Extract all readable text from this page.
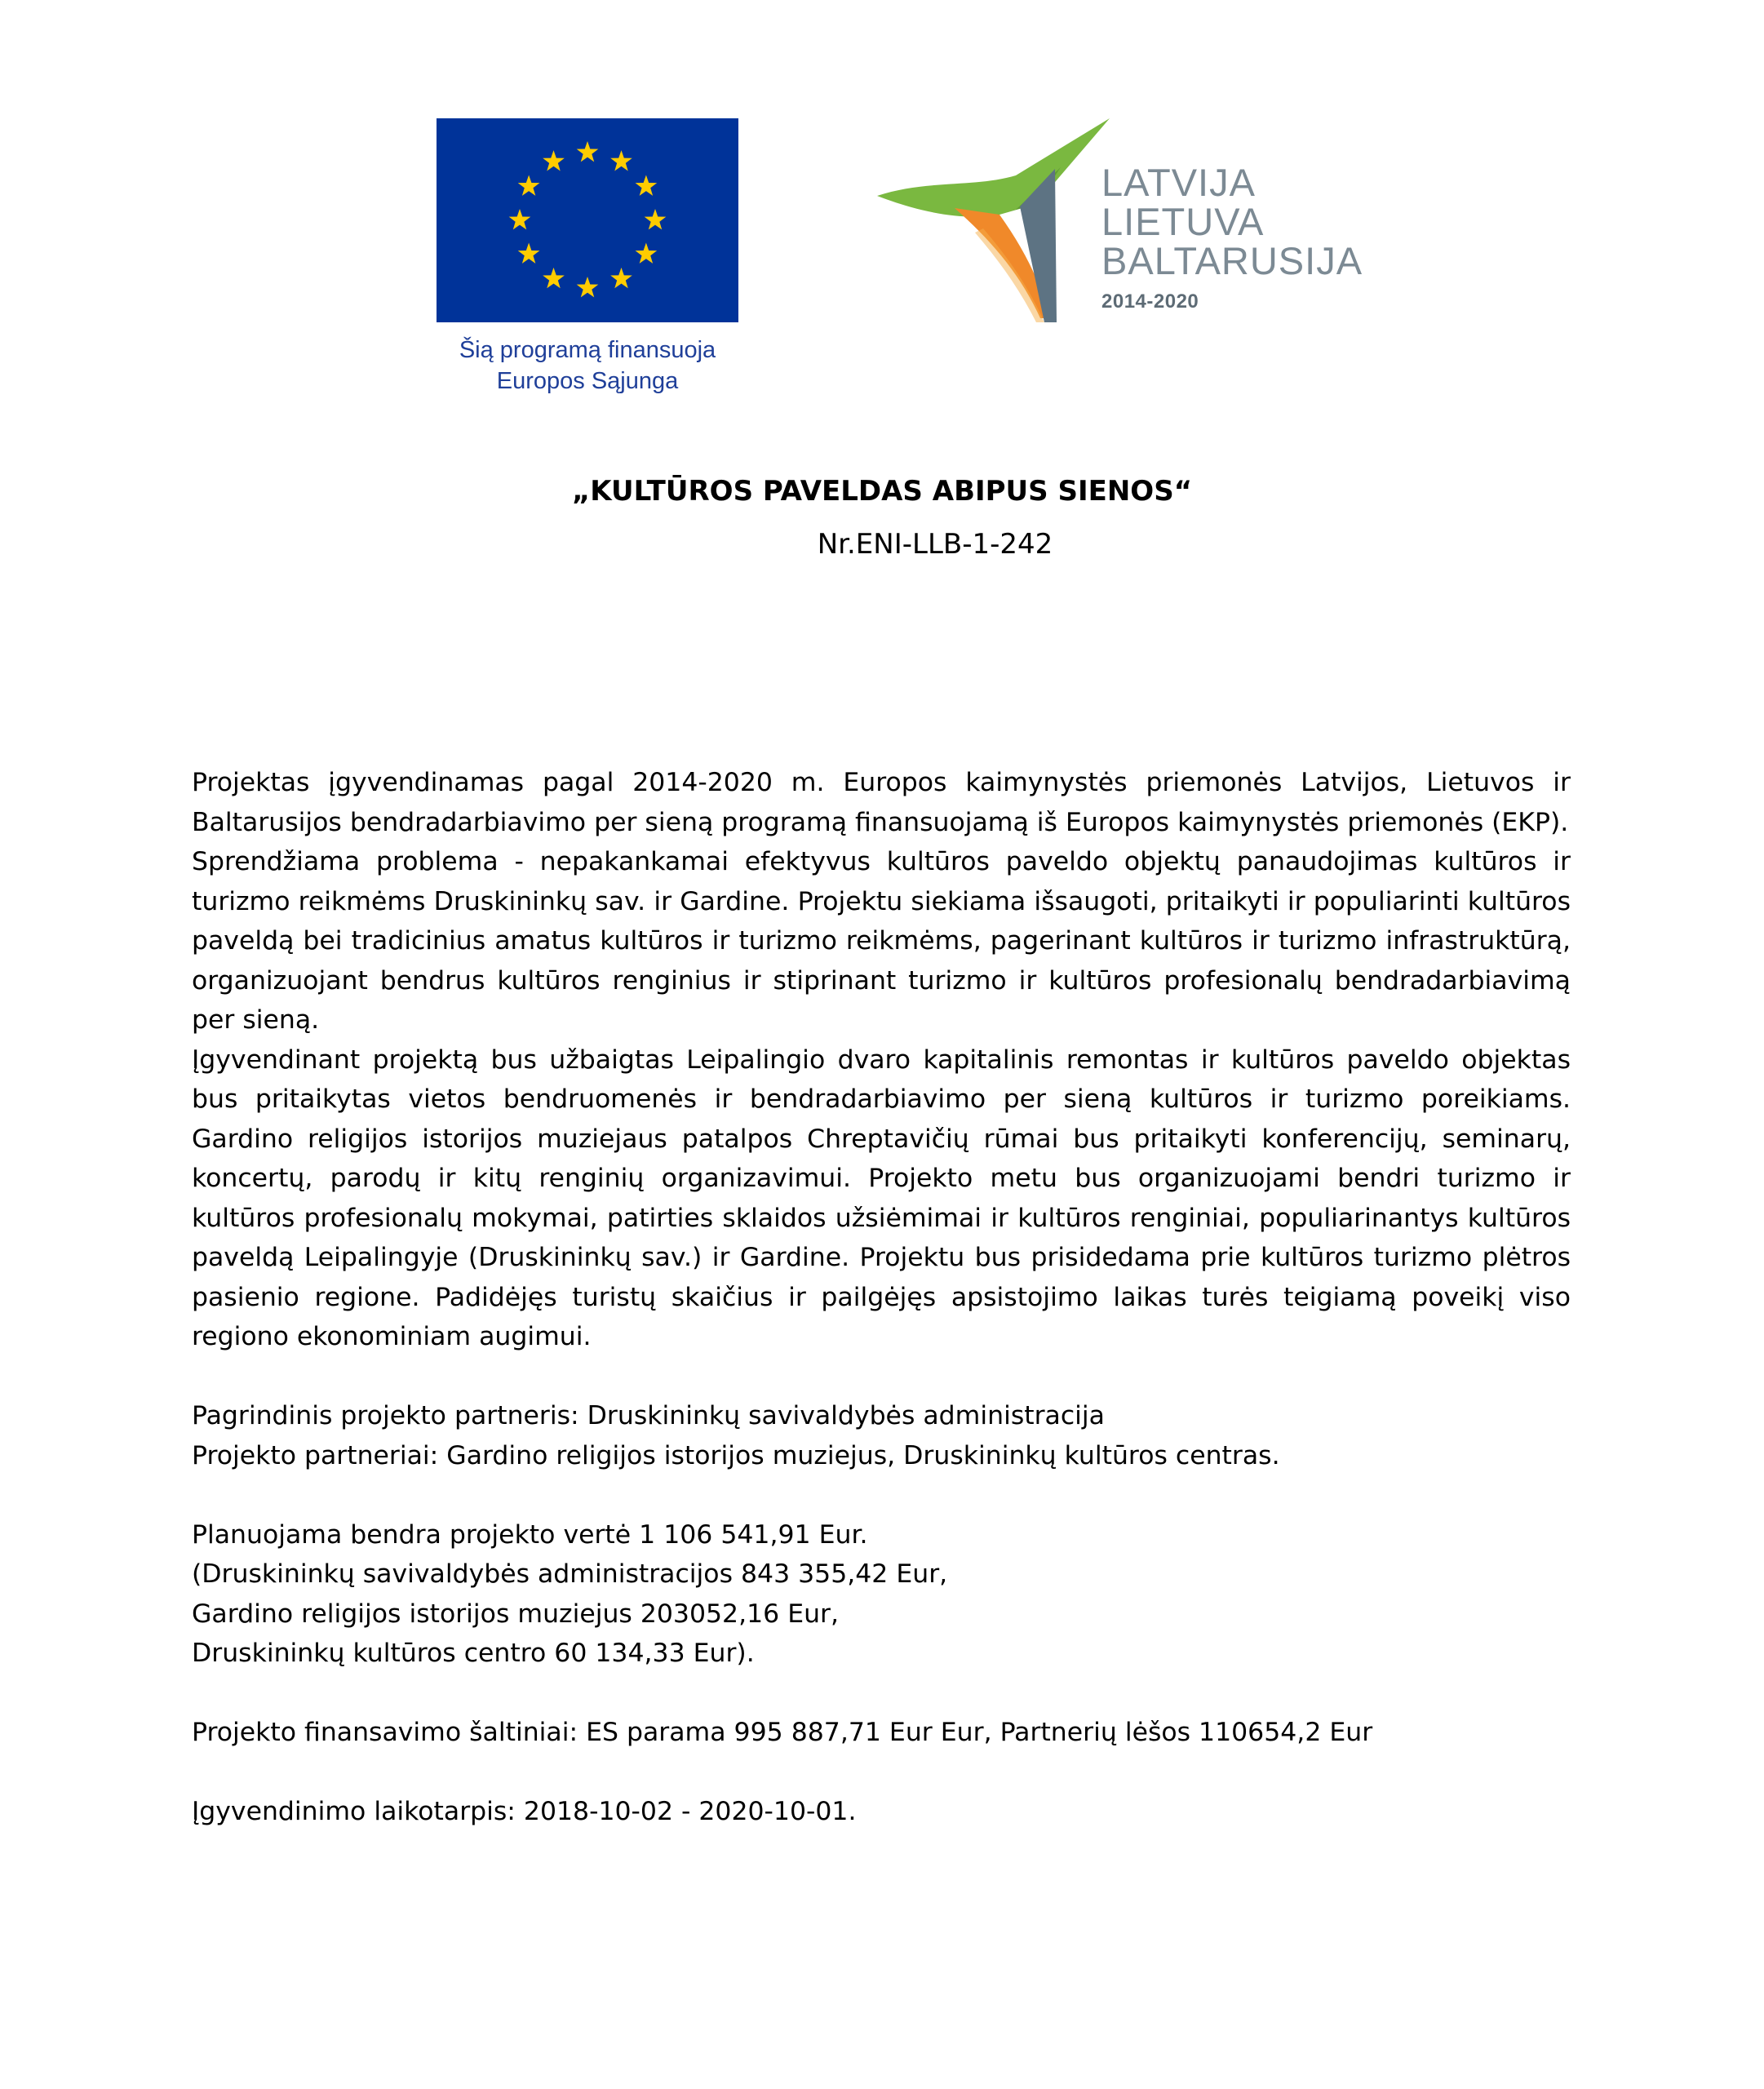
Šią programą finansuoja
Europos Sąjunga
LATVIJA
LIETUVA
BALTARUSIJA
2014-2020
„KULTŪROS PAVELDAS ABIPUS SIENOS“
Nr.ENI-LLB-1-242

Projektas įgyvendinamas pagal 2014-2020 m. Europos kaimynystės priemonės Latvijos, Lietuvos ir Baltarusijos bendradarbiavimo per sieną programą finansuojamą iš Europos kaimynystės priemonės (EKP).

Sprendžiama problema - nepakankamai efektyvus kultūros paveldo objektų panaudojimas kultūros ir turizmo reikmėms Druskininkų sav. ir Gardine. Projektu siekiama išsaugoti, pritaikyti ir populiarinti kultūros paveldą bei tradicinius amatus kultūros ir turizmo reikmėms, pagerinant kultūros ir turizmo infrastruktūrą, organizuojant bendrus kultūros renginius ir stiprinant turizmo ir kultūros profesionalų bendradarbiavimą per sieną.

Įgyvendinant projektą bus užbaigtas Leipalingio dvaro kapitalinis remontas ir kultūros paveldo objektas bus pritaikytas vietos bendruomenės ir bendradarbiavimo per sieną kultūros ir turizmo poreikiams. Gardino religijos istorijos muziejaus patalpos Chreptavičių rūmai bus pritaikyti konferencijų, seminarų, koncertų, parodų ir kitų renginių organizavimui. Projekto metu bus organizuojami bendri turizmo ir kultūros profesionalų mokymai, patirties sklaidos užsiėmimai ir kultūros renginiai, populiarinantys kultūros paveldą Leipalingyje (Druskininkų sav.) ir Gardine. Projektu bus prisidedama prie kultūros turizmo plėtros pasienio regione. Padidėjęs turistų skaičius ir pailgėjęs apsistojimo laikas turės teigiamą poveikį viso regiono ekonominiam augimui.

Pagrindinis projekto partneris: Druskininkų savivaldybės administracija

Projekto partneriai: Gardino religijos istorijos muziejus, Druskininkų kultūros centras.

Planuojama bendra projekto vertė 1 106 541,91 Eur.

(Druskininkų savivaldybės administracijos 843 355,42 Eur,

Gardino religijos istorijos muziejus 203052,16 Eur,

Druskininkų kultūros centro 60 134,33 Eur).

Projekto finansavimo šaltiniai: ES parama 995 887,71 Eur Eur, Partnerių lėšos 110654,2 Eur

Įgyvendinimo laikotarpis: 2018-10-02 - 2020-10-01.
